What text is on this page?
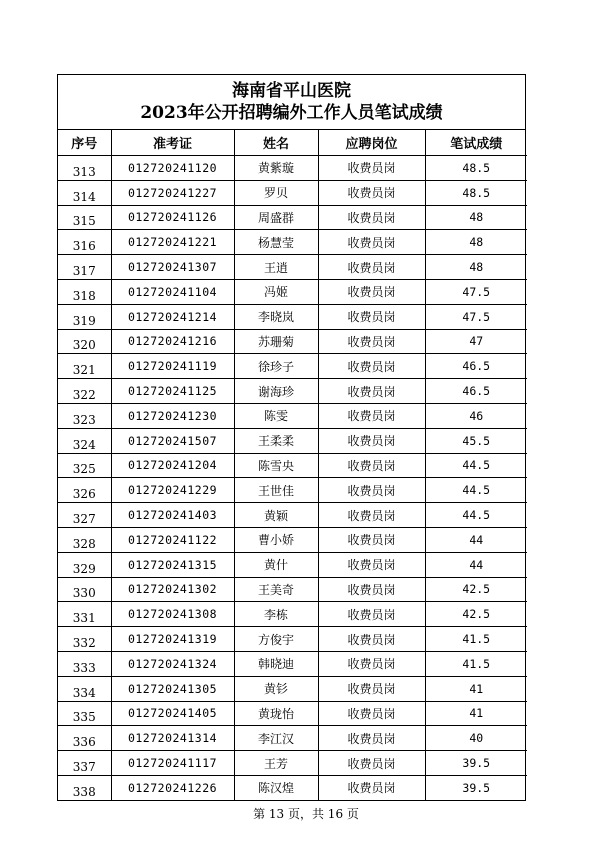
海南省平山医院
2023年公开招聘编外工作人员笔试成绩
序号	准考证	姓名	应聘岗位	笔试成绩
313	012720241120	黄紫璇	收费员岗	48.5
314	012720241227	罗贝	收费员岗	48.5
315	012720241126	周盛群	收费员岗	48
316	012720241221	杨慧莹	收费员岗	48
317	012720241307	王逍	收费员岗	48
318	012720241104	冯姬	收费员岗	47.5
319	012720241214	李晓岚	收费员岗	47.5
320	012720241216	苏珊菊	收费员岗	47
321	012720241119	徐珍子	收费员岗	46.5
322	012720241125	谢海珍	收费员岗	46.5
323	012720241230	陈雯	收费员岗	46
324	012720241507	王柔柔	收费员岗	45.5
325	012720241204	陈雪央	收费员岗	44.5
326	012720241229	王世佳	收费员岗	44.5
327	012720241403	黄颖	收费员岗	44.5
328	012720241122	曹小娇	收费员岗	44
329	012720241315	黄什	收费员岗	44
330	012720241302	王美奇	收费员岗	42.5
331	012720241308	李栋	收费员岗	42.5
332	012720241319	方俊宇	收费员岗	41.5
333	012720241324	韩晓迪	收费员岗	41.5
334	012720241305	黄钐	收费员岗	41
335	012720241405	黄珑怡	收费员岗	41
336	012720241314	李江汉	收费员岗	40
337	012720241117	王芳	收费员岗	39.5
338	012720241226	陈汉煌	收费员岗	39.5
第 13 页，共 16 页
